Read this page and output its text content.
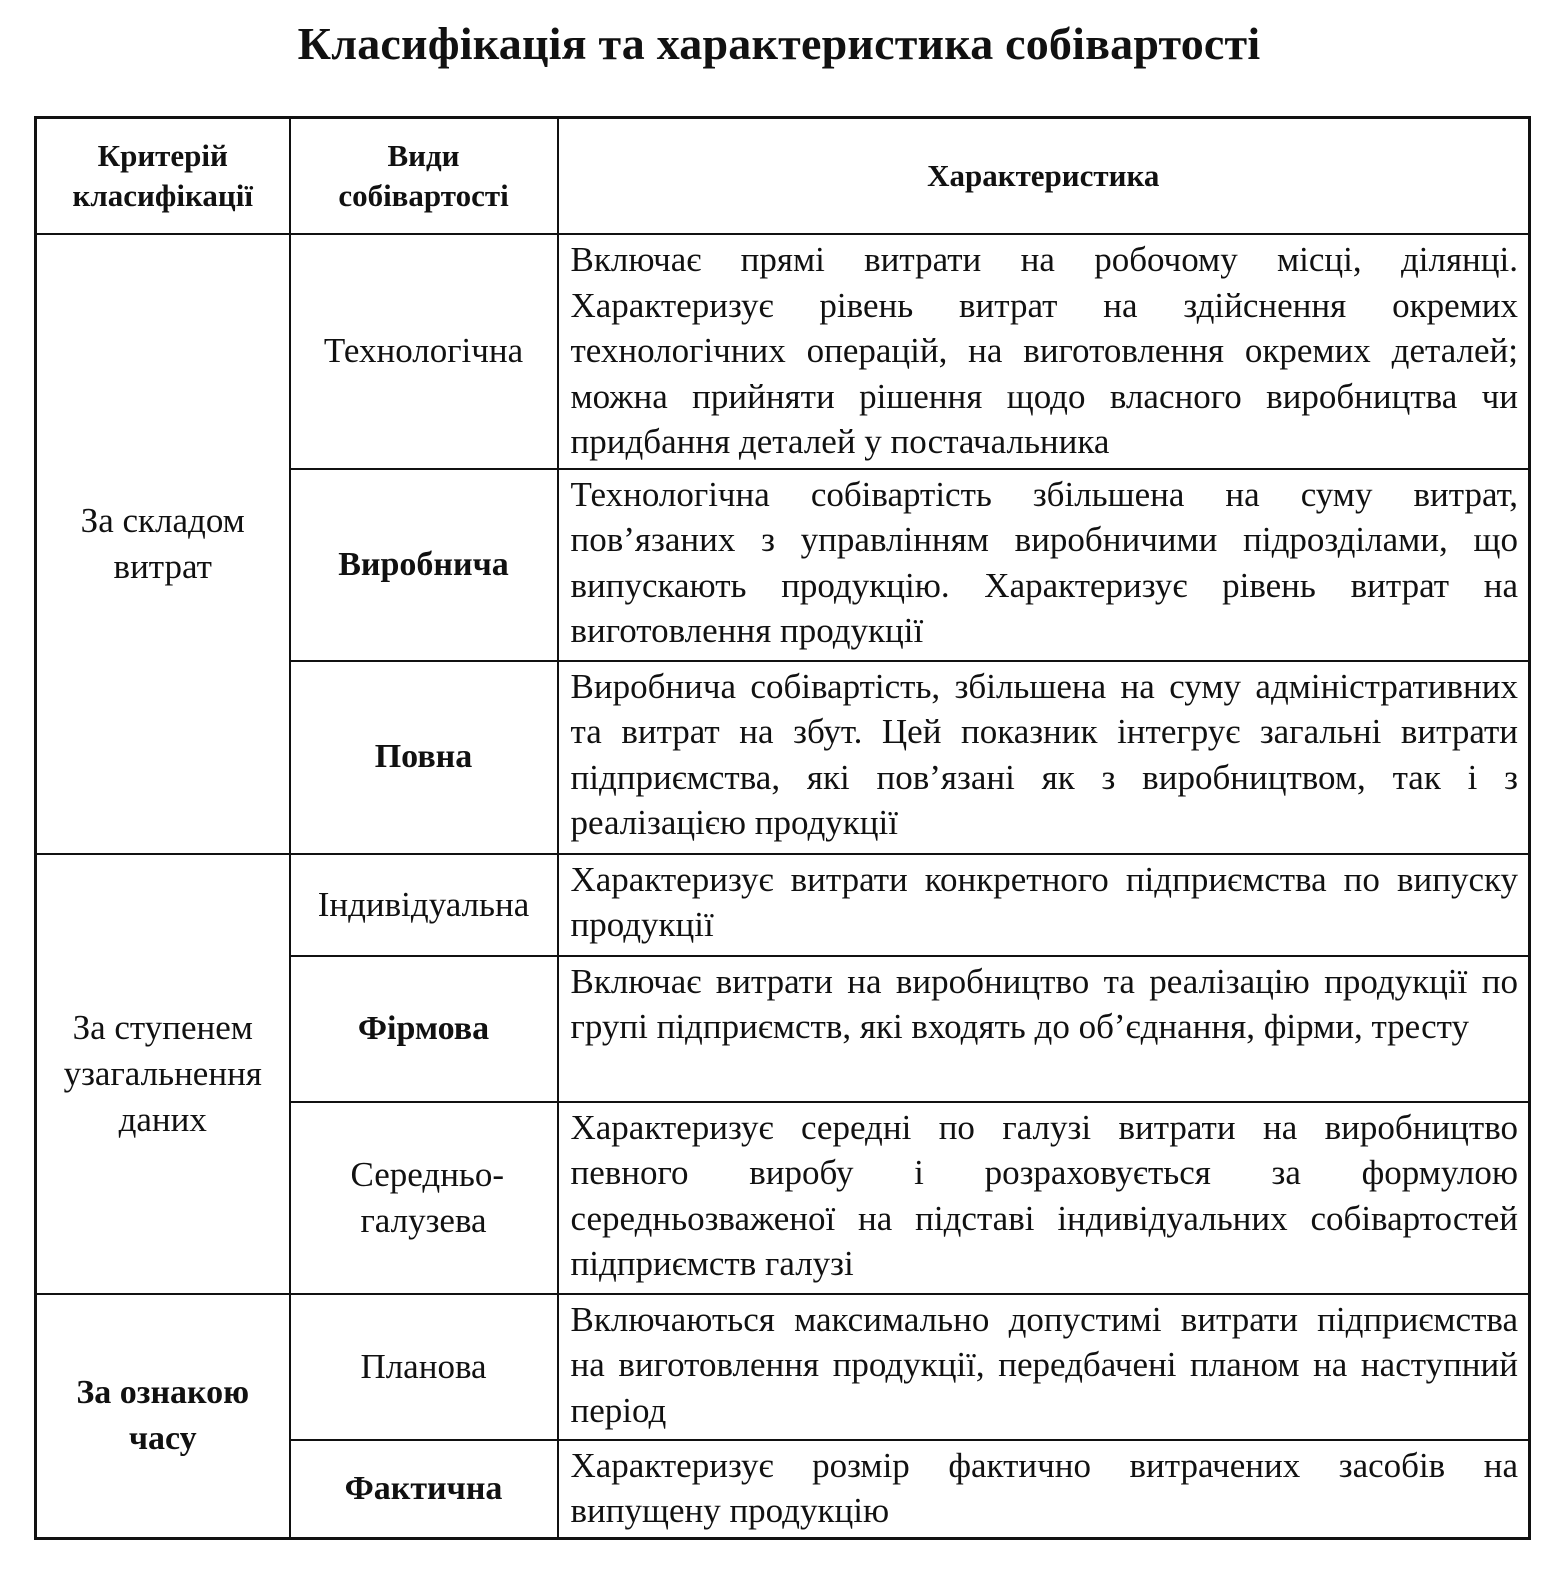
Класифікація та характеристика собівартості
Критерій класифікації	Види собівартості	Характеристика

За складом витрат	Технологічна	Включає прямі витрати на робочому місці, ділянці. Характеризує рівень витрат на здійснення окремих технологічних операцій, на виготовлення окремих деталей; можна прийняти рішення щодо власного виробництва чи придбання деталей у постачальника
	Виробнича	Технологічна собівартість збільшена на суму витрат, пов’язаних з управлінням виробничими підрозділами, що випускають продукцію. Характеризує рівень витрат на виготовлення продукції
	Повна	Виробнича собівартість, збільшена на суму адміністративних та витрат на збут. Цей показник інтегрує загальні витрати підприємства, які пов’язані як з виробництвом, так і з реалізацією продукції

За ступенем узагальнення даних	Індивідуальна	Характеризує витрати конкретного підприємства по випуску продукції
	Фірмова	Включає витрати на виробництво та реалізацію продукції по групі підприємств, які входять до об’єднання, фірми, тресту

	Середньо-галузева	Характеризує середні по галузі витрати на виробництво певного виробу і розраховується за формулою середньозваженої на підставі індивідуальних собівартостей підприємств галузі

За ознакою часу	Планова	Включаються максимально допустимі витрати підприємства на виготовлення продукції, передбачені планом на наступний період
	Фактична	Характеризує розмір фактично витрачених засобів на випущену продукцію
